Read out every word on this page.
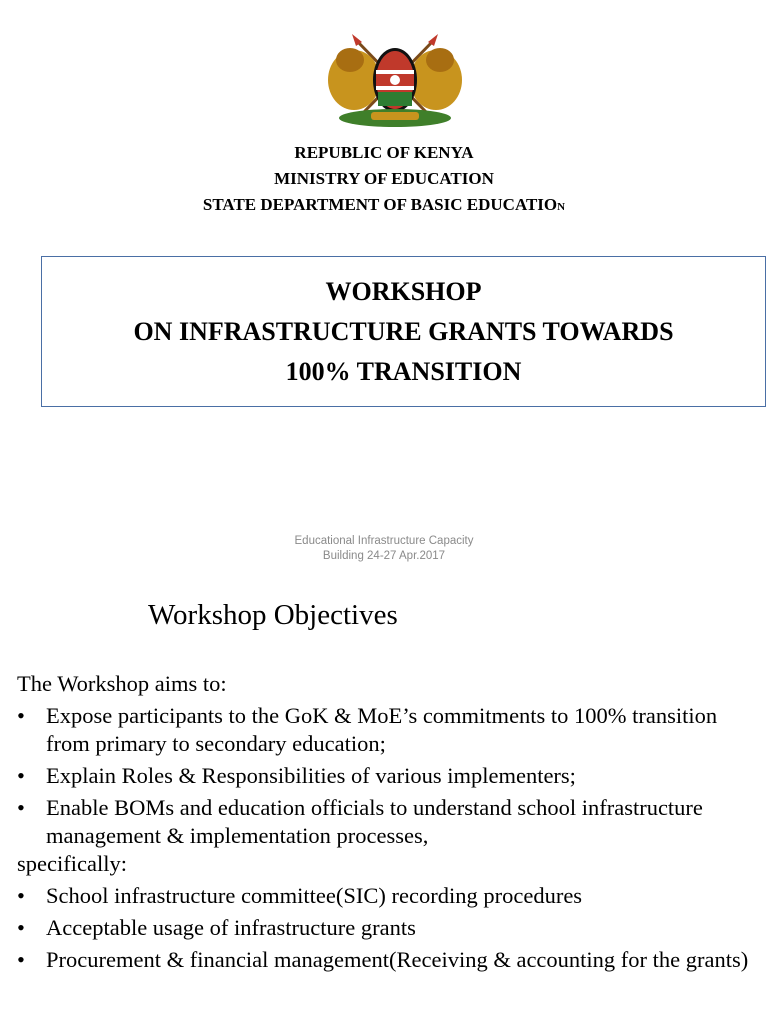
REPUBLIC OF KENYA
MINISTRY OF EDUCATION
STATE DEPARTMENT OF BASIC EDUCATION
WORKSHOP
ON INFRASTRUCTURE GRANTS TOWARDS
100% TRANSITION
Educational Infrastructure Capacity
Building 24-27 Apr.2017
Workshop Objectives
The Workshop aims to:
• Expose participants to the GoK & MoE’s commitments to 100% transition from primary to secondary education;
• Explain Roles & Responsibilities of various implementers;
• Enable BOMs and education officials to understand school infrastructure management & implementation processes,
specifically:
• School infrastructure committee(SIC) recording procedures
• Acceptable usage of infrastructure grants
• Procurement & financial management(Receiving & accounting for the grants)
